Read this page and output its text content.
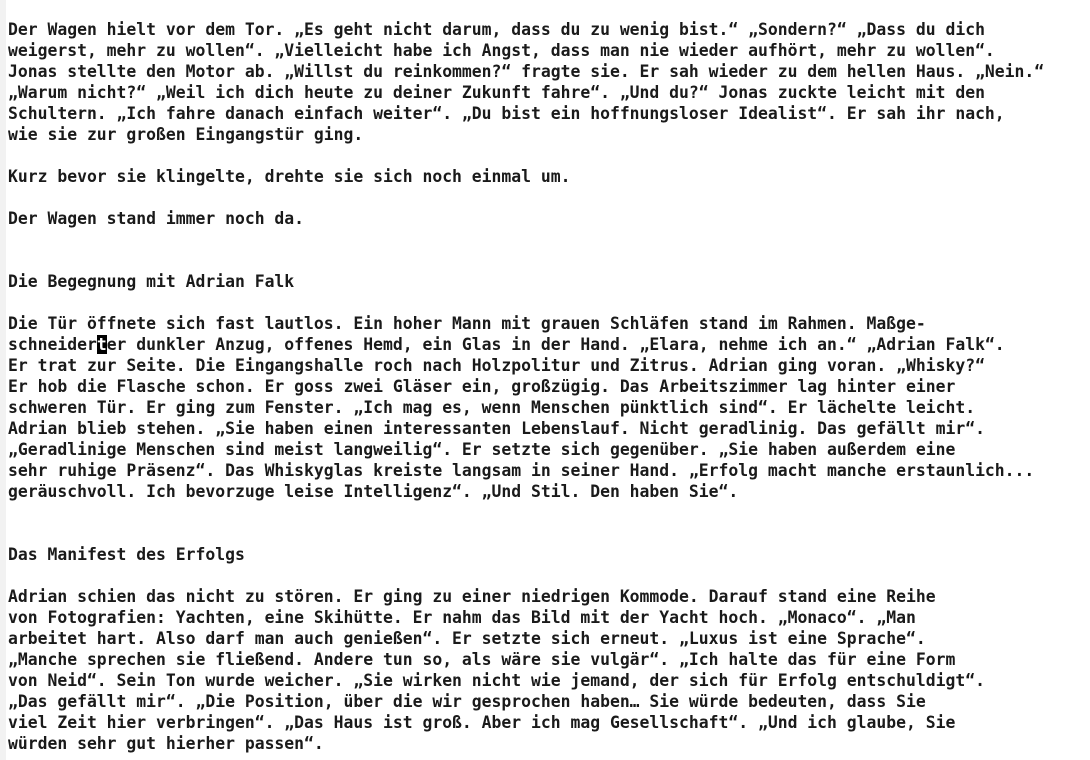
Der Wagen hielt vor dem Tor. „Es geht nicht darum, dass du zu wenig bist.“ „Sondern?“ „Dass du dich
weigerst, mehr zu wollen“. „Vielleicht habe ich Angst, dass man nie wieder aufhört, mehr zu wollen“.
Jonas stellte den Motor ab. „Willst du reinkommen?“ fragte sie. Er sah wieder zu dem hellen Haus. „Nein.“
„Warum nicht?“ „Weil ich dich heute zu deiner Zukunft fahre“. „Und du?“ Jonas zuckte leicht mit den
Schultern. „Ich fahre danach einfach weiter“. „Du bist ein hoffnungsloser Idealist“. Er sah ihr nach,
wie sie zur großen Eingangstür ging.
Kurz bevor sie klingelte, drehte sie sich noch einmal um.
Der Wagen stand immer noch da.
Die Begegnung mit Adrian Falk
Die Tür öffnete sich fast lautlos. Ein hoher Mann mit grauen Schläfen stand im Rahmen. Maßge-
schneiderter dunkler Anzug, offenes Hemd, ein Glas in der Hand. „Elara, nehme ich an.“ „Adrian Falk“.
Er trat zur Seite. Die Eingangshalle roch nach Holzpolitur und Zitrus. Adrian ging voran. „Whisky?“
Er hob die Flasche schon. Er goss zwei Gläser ein, großzügig. Das Arbeitszimmer lag hinter einer
schweren Tür. Er ging zum Fenster. „Ich mag es, wenn Menschen pünktlich sind“. Er lächelte leicht.
Adrian blieb stehen. „Sie haben einen interessanten Lebenslauf. Nicht geradlinig. Das gefällt mir“.
„Geradlinige Menschen sind meist langweilig“. Er setzte sich gegenüber. „Sie haben außerdem eine
sehr ruhige Präsenz“. Das Whiskyglas kreiste langsam in seiner Hand. „Erfolg macht manche erstaunlich...
geräuschvoll. Ich bevorzuge leise Intelligenz“. „Und Stil. Den haben Sie“.
Das Manifest des Erfolgs
Adrian schien das nicht zu stören. Er ging zu einer niedrigen Kommode. Darauf stand eine Reihe
von Fotografien: Yachten, eine Skihütte. Er nahm das Bild mit der Yacht hoch. „Monaco“. „Man
arbeitet hart. Also darf man auch genießen“. Er setzte sich erneut. „Luxus ist eine Sprache“.
„Manche sprechen sie fließend. Andere tun so, als wäre sie vulgär“. „Ich halte das für eine Form
von Neid“. Sein Ton wurde weicher. „Sie wirken nicht wie jemand, der sich für Erfolg entschuldigt“.
„Das gefällt mir“. „Die Position, über die wir gesprochen haben… Sie würde bedeuten, dass Sie
viel Zeit hier verbringen“. „Das Haus ist groß. Aber ich mag Gesellschaft“. „Und ich glaube, Sie
würden sehr gut hierher passen“.
